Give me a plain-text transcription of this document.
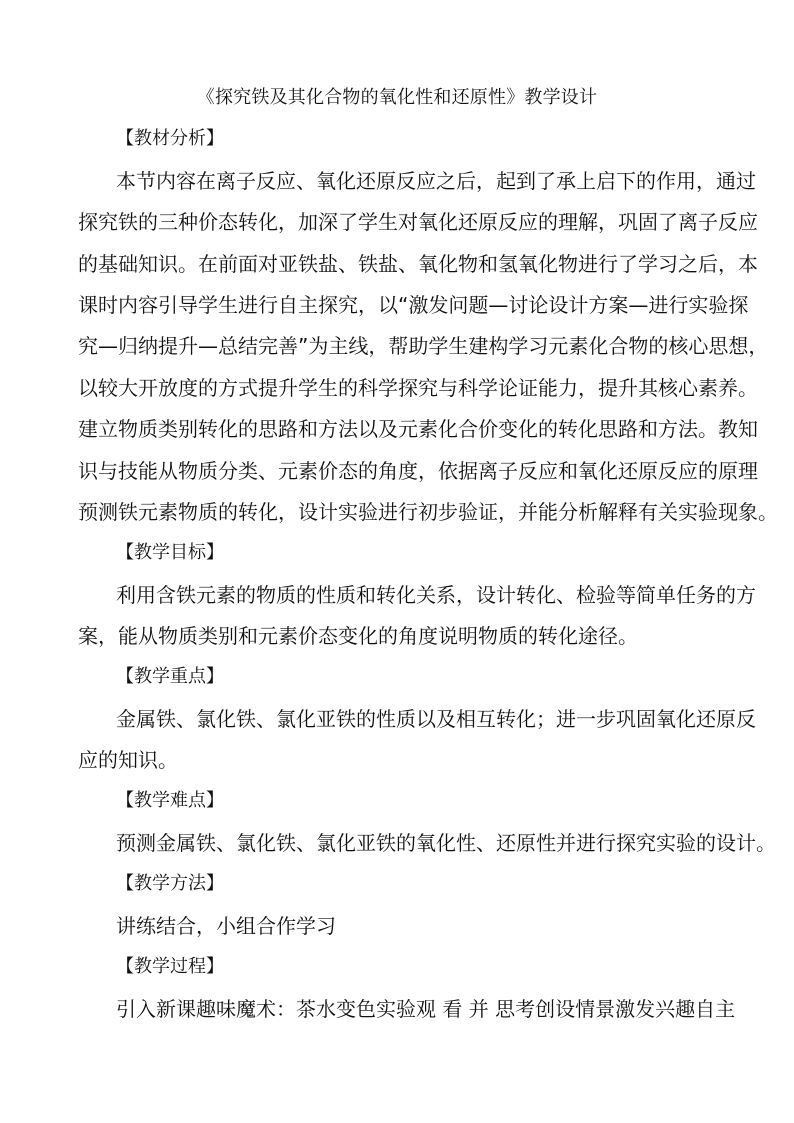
《探究铁及其化合物的氧化性和还原性》教学设计
【教材分析】
本节内容在离子反应、氧化还原反应之后，起到了承上启下的作用，通过
探究铁的三种价态转化，加深了学生对氧化还原反应的理解，巩固了离子反应
的基础知识。在前面对亚铁盐、铁盐、氧化物和氢氧化物进行了学习之后，本
课时内容引导学生进行自主探究，以“激发问题—讨论设计方案—进行实验探
究—归纳提升—总结完善”为主线，帮助学生建构学习元素化合物的核心思想，
以较大开放度的方式提升学生的科学探究与科学论证能力，提升其核心素养。
建立物质类别转化的思路和方法以及元素化合价变化的转化思路和方法。教知
识与技能从物质分类、元素价态的角度，依据离子反应和氧化还原反应的原理
预测铁元素物质的转化，设计实验进行初步验证，并能分析解释有关实验现象。
【教学目标】
利用含铁元素的物质的性质和转化关系，设计转化、检验等简单任务的方
案，能从物质类别和元素价态变化的角度说明物质的转化途径。
【教学重点】
金属铁、氯化铁、氯化亚铁的性质以及相互转化；进一步巩固氧化还原反
应的知识。
【教学难点】
预测金属铁、氯化铁、氯化亚铁的氧化性、还原性并进行探究实验的设计。
【教学方法】
讲练结合，小组合作学习
【教学过程】
引入新课趣味魔术：茶水变色实验观 看 并 思考创设情景激发兴趣自主
